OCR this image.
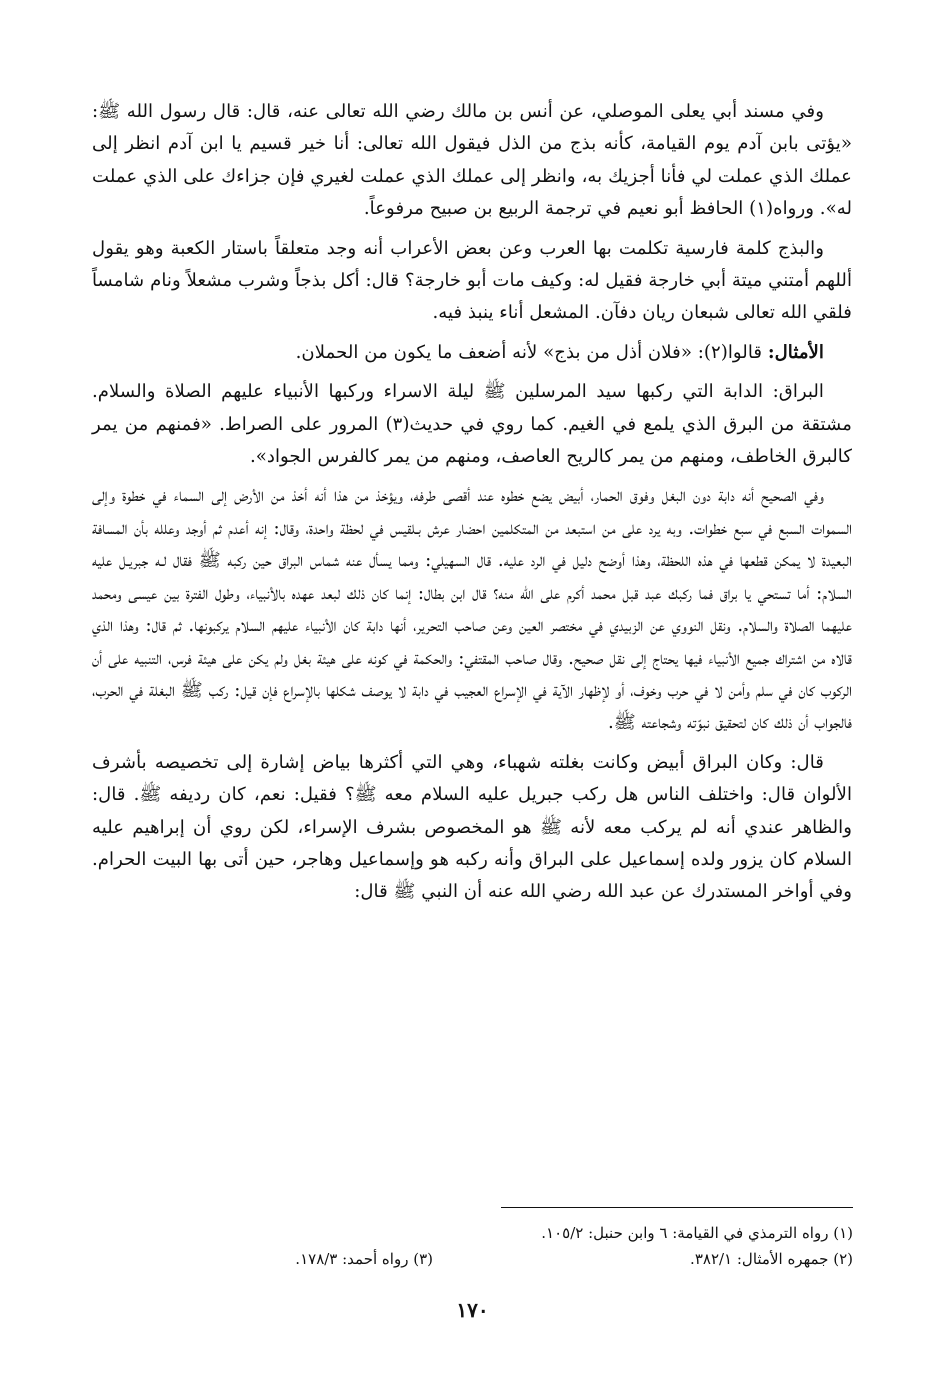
وفي مسند أبي يعلى الموصلي، عن أنس بن مالك رضي الله تعالى عنه، قال: قال رسول الله ﷺ: «يؤتى بابن آدم يوم القيامة، كأنه بذج من الذل فيقول الله تعالى: أنا خير قسيم يا ابن آدم انظر إلى عملك الذي عملت لي فأنا أجزيك به، وانظر إلى عملك الذي عملت لغيري فإن جزاءك على الذي عملت له». ورواه(١) الحافظ أبو نعيم في ترجمة الربيع بن صبيح مرفوعاً.

والبذج كلمة فارسية تكلمت بها العرب وعن بعض الأعراب أنه وجد متعلقاً باستار الكعبة وهو يقول أللهم أمتني ميتة أبي خارجة فقيل له: وكيف مات أبو خارجة؟ قال: أكل بذجاً وشرب مشعلاً ونام شامساً فلقي الله تعالى شبعان ريان دفآن. المشعل أناء ينبذ فيه.

الأمثال: قالوا(٢): «فلان أذل من بذج» لأنه أضعف ما يكون من الحملان.

البراق: الدابة التي ركبها سيد المرسلين ﷺ ليلة الاسراء وركبها الأنبياء عليهم الصلاة والسلام. مشتقة من البرق الذي يلمع في الغيم. كما روي في حديث(٣) المرور على الصراط. «فمنهم من يمر كالبرق الخاطف، ومنهم من يمر كالريح العاصف، ومنهم من يمر كالفرس الجواد».

وفي الصحيح أنه دابة دون البغل وفوق الحمار، أبيض يضع خطوه عند أقصى طرفه، ويؤخذ من هذا أنه أخذ من الأرض إلى السماء في خطوة وإلى السموات السبع في سبع خطوات. وبه يرد على من استبعد من المتكلمين احضار عرش بـلقيس في لحظة واحدة، وقال: إنه أعدم ثم أوجد وعلله بأن المسافة البعيدة لا يمكن قطعها في هذه اللحظة، وهذا أوضح دليل في الرد عليه. قال السهيلي: ومما يسأل عنه شماس البراق حين ركبه ﷺ فقال لـه جبريـل عليه السلام: أما تستحي يا براق فما ركبك عبد قبل محمد أكرم على الله منه؟ قال ابن بطال: إنما كان ذلك لبعد عهده بالأنبياء، وطول الفترة بين عيسى ومحمد عليهما الصلاة والسلام. ونقل النووي عن الزبيدي في مختصر العين وعن صاحب التحرير، أنها دابة كان الأنبياء عليهم السلام يركبونها. ثم قال: وهذا الذي قالاه من اشتراك جميع الأنبياء فيها يحتاج إلى نقل صحيح. وقال صاحب المقتفي: والحكمة في كونه على هيئة بغل ولم يكن على هيئة فرس، التنبيه على أن الركوب كان في سلم وأمن لا في حرب وخوف، أو لإظهار الآية في الإسراع العجيب في دابة لا يوصف شكلها بالإسراع فإن قيل: ركب ﷺ البغلة في الحرب، فالجواب أن ذلك كان لتحقيق نبوّته وشجاعته ﷺ.

قال: وكان البراق أبيض وكانت بغلته شهباء، وهي التي أكثرها بياض إشارة إلى تخصيصه بأشرف الألوان قال: واختلف الناس هل ركب جبريل عليه السلام معه ﷺ؟ فقيل: نعم، كان رديفه ﷺ. قال: والظاهر عندي أنه لم يركب معه لأنه ﷺ هو المخصوص بشرف الإسراء، لكن روي أن إبراهيم عليه السلام كان يزور ولده إسماعيل على البراق وأنه ركبه هو وإسماعيل وهاجر، حين أتى بها البيت الحرام. وفي أواخر المستدرك عن عبد الله رضي الله عنه أن النبي ﷺ قال:

(١) رواه الترمذي في القيامة: ٦ وابن حنبل: ١٠٥/٢.
(٢) جمهره الأمثال: ٣٨٢/١.
(٣) رواه أحمد: ١٧٨/٣.
١٧٠
